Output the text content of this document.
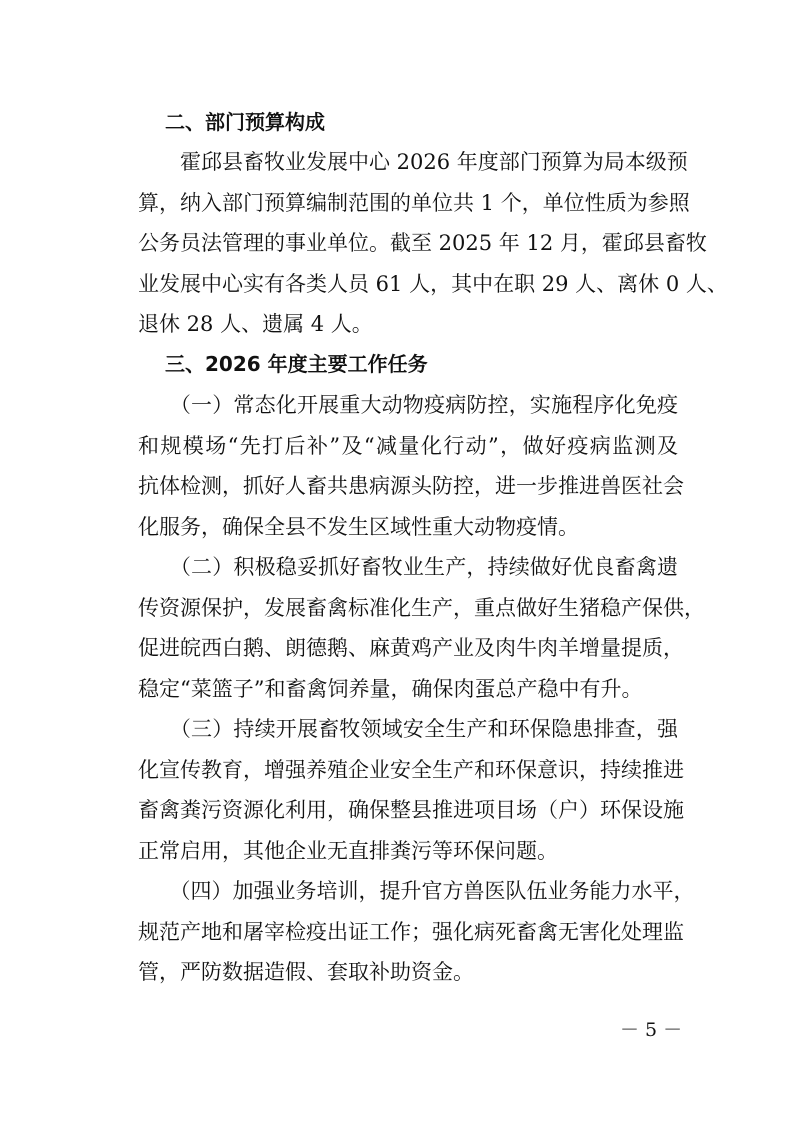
二、部门预算构成
　　霍邱县畜牧业发展中心 2026 年度部门预算为局本级预
算，纳入部门预算编制范围的单位共 1 个，单位性质为参照
公务员法管理的事业单位。截至 2025 年 12 月，霍邱县畜牧
业发展中心实有各类人员 61 人，其中在职 29 人、离休 0 人、
退休 28 人、遗属 4 人。
三、2026 年度主要工作任务
　　（一）常态化开展重大动物疫病防控，实施程序化免疫
和规模场“先打后补”及“减量化行动”，做好疫病监测及
抗体检测，抓好人畜共患病源头防控，进一步推进兽医社会
化服务，确保全县不发生区域性重大动物疫情。
　　（二）积极稳妥抓好畜牧业生产，持续做好优良畜禽遗
传资源保护，发展畜禽标准化生产，重点做好生猪稳产保供，
促进皖西白鹅、朗德鹅、麻黄鸡产业及肉牛肉羊增量提质，
稳定“菜篮子”和畜禽饲养量，确保肉蛋总产稳中有升。
　　（三）持续开展畜牧领域安全生产和环保隐患排查，强
化宣传教育，增强养殖企业安全生产和环保意识，持续推进
畜禽粪污资源化利用，确保整县推进项目场（户）环保设施
正常启用，其他企业无直排粪污等环保问题。
　　（四）加强业务培训，提升官方兽医队伍业务能力水平，
规范产地和屠宰检疫出证工作；强化病死畜禽无害化处理监
管，严防数据造假、套取补助资金。
－ 5 －
